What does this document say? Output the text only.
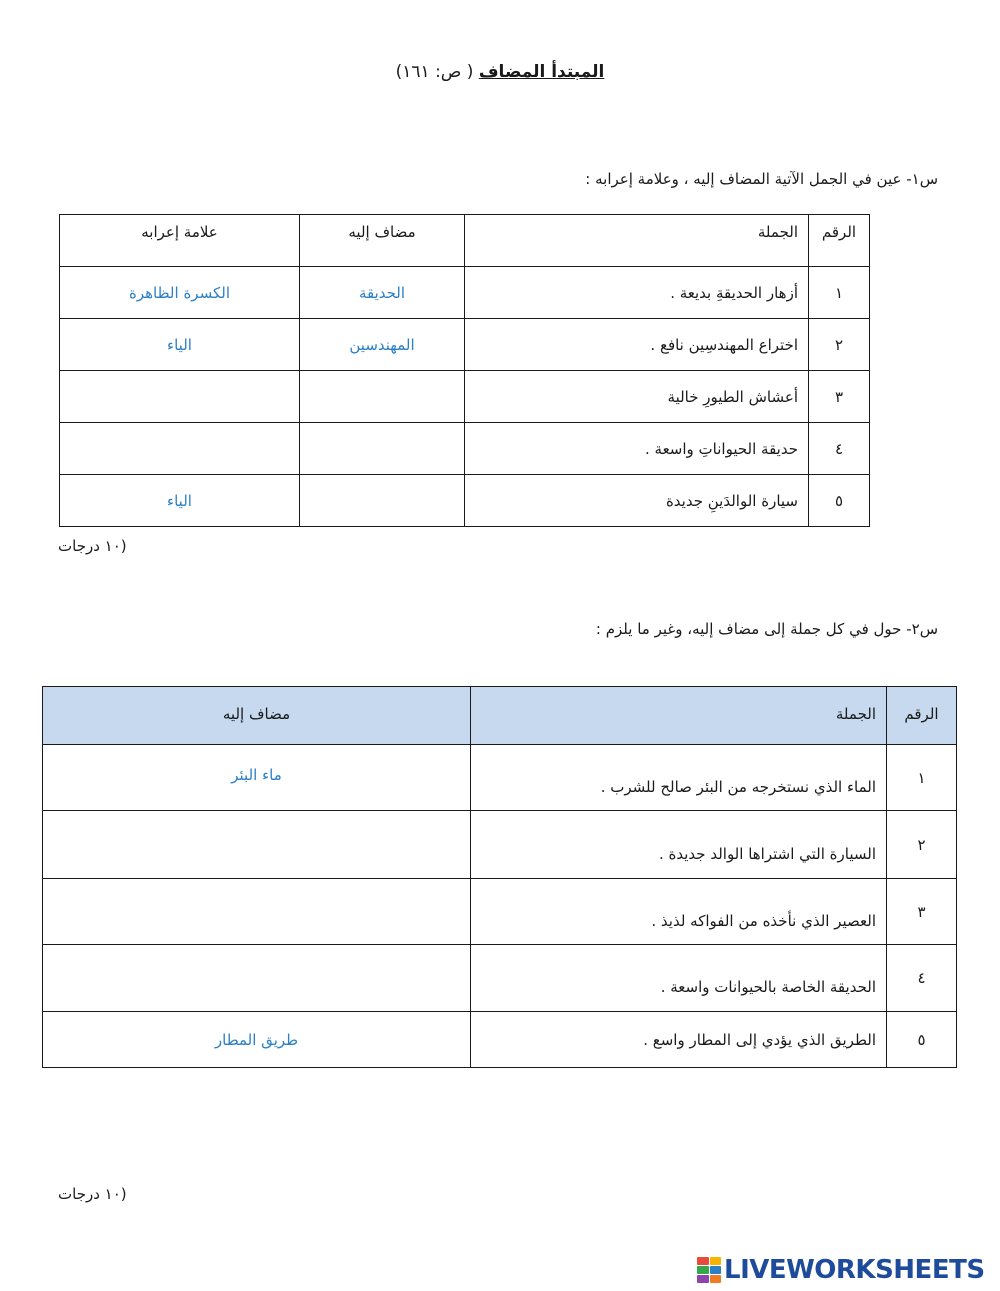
المبتدأ المضاف ( ص: ١٦١)
س١- عين في الجمل الآتية المضاف إليه ، وعلامة إعرابه :
الرقم	الجملة	مضاف إليه	علامة إعرابه
١	أزهار الحديقةِ بديعة .	الحديقة	الكسرة الظاهرة
٢	اختراع المهندسِين نافع .	المهندسين	الياء
٣	أعشاش الطيورِ خالية		
٤	حديقة الحيواناتِ واسعة .		
٥	سيارة الوالدَينِ جديدة		الياء
(١٠ درجات
س٢- حول في كل جملة إلى مضاف إليه، وغير ما يلزم :
الرقم	الجملة	مضاف إليه
١	الماء الذي نستخرجه من البئر صالح للشرب .	ماء البئر
٢	السيارة التي اشتراها الوالد جديدة .	
٣	العصير الذي نأخذه من الفواكه لذيذ .	
٤	الحديقة الخاصة بالحيوانات واسعة .	
٥	الطريق الذي يؤدي إلى المطار واسع .	طريق المطار
(١٠ درجات
LIVEWORKSHEETS
